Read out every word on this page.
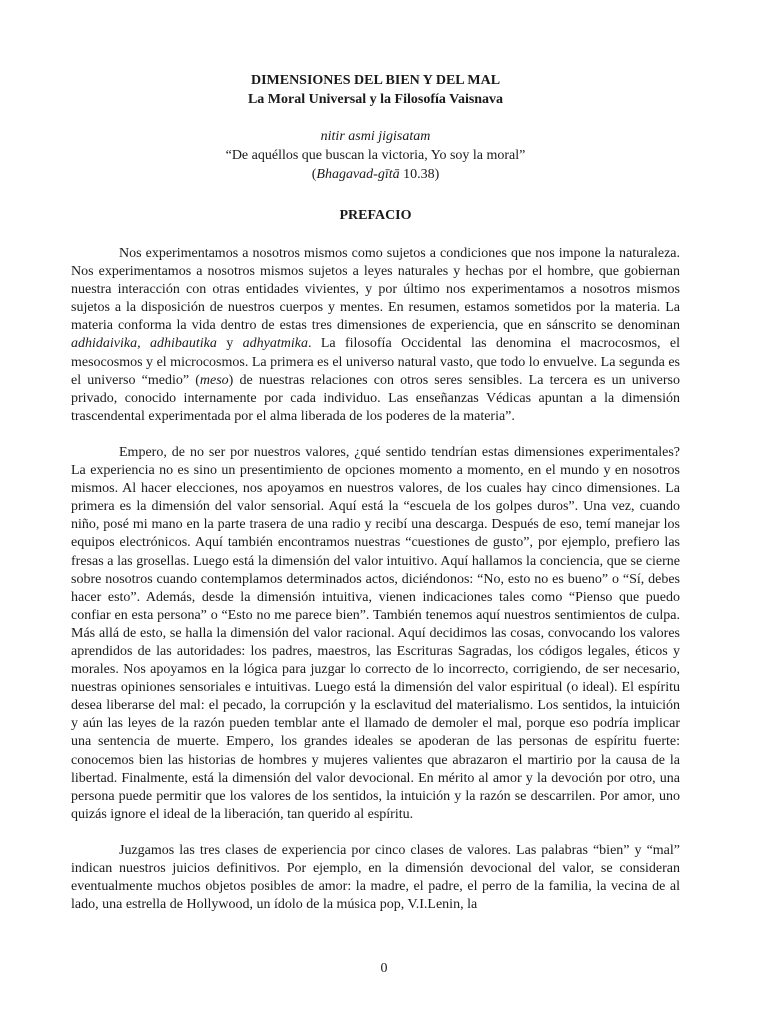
DIMENSIONES DEL BIEN Y DEL MAL
La Moral Universal y la Filosofía Vaisnava

nitir asmi jigisatam

“De aquéllos que buscan la victoria, Yo soy la moral”

(Bhagavad-gītā 10.38)

PREFACIO

Nos experimentamos a nosotros mismos como sujetos a condiciones que nos impone la naturaleza. Nos experimentamos a nosotros mismos sujetos a leyes naturales y hechas por el hombre, que gobiernan nuestra interacción con otras entidades vivientes, y por último nos experimentamos a nosotros mismos sujetos a la disposición de nuestros cuerpos y mentes. En resumen, estamos sometidos por la materia. La materia conforma la vida dentro de estas tres dimensiones de experiencia, que en sánscrito se denominan adhidaivika, adhibautika y adhyatmika. La filosofía Occidental las denomina el macrocosmos, el mesocosmos y el microcosmos. La primera es el universo natural vasto, que todo lo envuelve. La segunda es el universo “medio” (meso) de nuestras relaciones con otros seres sensibles. La tercera es un universo privado, conocido internamente por cada individuo. Las enseñanzas Védicas apuntan a la dimensión trascendental experimentada por el alma liberada de los poderes de la materia”.

Empero, de no ser por nuestros valores, ¿qué sentido tendrían estas dimensiones experimentales? La experiencia no es sino un presentimiento de opciones momento a momento, en el mundo y en nosotros mismos. Al hacer elecciones, nos apoyamos en nuestros valores, de los cuales hay cinco dimensiones. La primera es la dimensión del valor sensorial. Aquí está la “escuela de los golpes duros”. Una vez, cuando niño, posé mi mano en la parte trasera de una radio y recibí una descarga. Después de eso, temí manejar los equipos electrónicos. Aquí también encontramos nuestras “cuestiones de gusto”, por ejemplo, prefiero las fresas a las grosellas. Luego está la dimensión del valor intuitivo. Aquí hallamos la conciencia, que se cierne sobre nosotros cuando contemplamos determinados actos, diciéndonos: “No, esto no es bueno” o “Sí, debes hacer esto”. Además, desde la dimensión intuitiva, vienen indicaciones tales como “Pienso que puedo confiar en esta persona” o “Esto no me parece bien”. También tenemos aquí nuestros sentimientos de culpa. Más allá de esto, se halla la dimensión del valor racional. Aquí decidimos las cosas, convocando los valores aprendidos de las autoridades: los padres, maestros, las Escrituras Sagradas, los códigos legales, éticos y morales. Nos apoyamos en la lógica para juzgar lo correcto de lo incorrecto, corrigiendo, de ser necesario, nuestras opiniones sensoriales e intuitivas. Luego está la dimensión del valor espiritual (o ideal). El espíritu desea liberarse del mal: el pecado, la corrupción y la esclavitud del materialismo. Los sentidos, la intuición y aún las leyes de la razón pueden temblar ante el llamado de demoler el mal, porque eso podría implicar una sentencia de muerte. Empero, los grandes ideales se apoderan de las personas de espíritu fuerte: conocemos bien las historias de hombres y mujeres valientes que abrazaron el martirio por la causa de la libertad. Finalmente, está la dimensión del valor devocional. En mérito al amor y la devoción por otro, una persona puede permitir que los valores de los sentidos, la intuición y la razón se descarrilen. Por amor, uno quizás ignore el ideal de la liberación, tan querido al espíritu.

Juzgamos las tres clases de experiencia por cinco clases de valores. Las palabras “bien” y “mal” indican nuestros juicios definitivos. Por ejemplo, en la dimensión devocional del valor, se consideran eventualmente muchos objetos posibles de amor: la madre, el padre, el perro de la familia, la vecina de al lado, una estrella de Hollywood, un ídolo de la música pop, V.I.Lenin, la

0
